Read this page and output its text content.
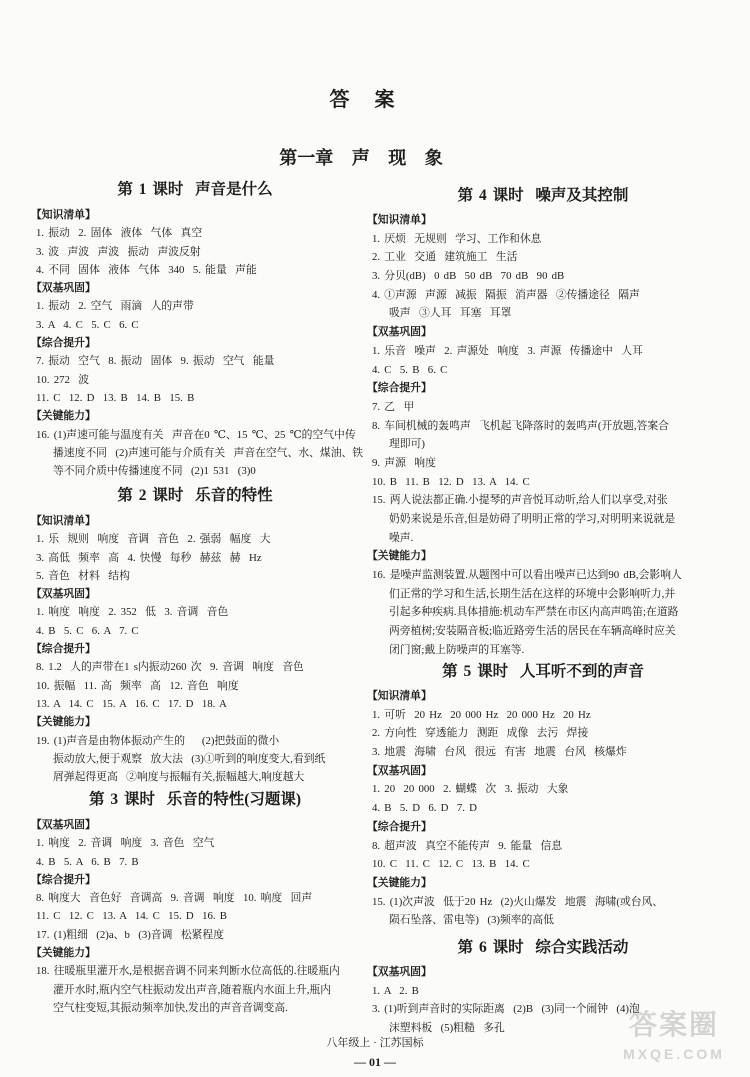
答 案
第一章 声 现 象
第 1 课时  声音是什么
【知识清单】
1. 振动  2. 固体  液体  气体  真空
3. 波  声波  声波  振动  声波反射
4. 不同  固体  液体  气体  340  5. 能量  声能
【双基巩固】
1. 振动  2. 空气  雨滴  人的声带
3. A  4. C  5. C  6. C
【综合提升】
7. 振动  空气  8. 振动  固体  9. 振动  空气  能量
10. 272  波
11. C  12. D  13. B  14. B  15. B
【关键能力】
16. (1)声速可能与温度有关  声音在0 ℃、15 ℃、25 ℃的空气中传
播速度不同  (2)声速可能与介质有关  声音在空气、水、煤油、铁
等不同介质中传播速度不同  (2)1 531  (3)0
第 2 课时  乐音的特性
【知识清单】
1. 乐  规则  响度  音调  音色  2. 强弱  幅度  大
3. 高低  频率  高  4. 快慢  每秒  赫兹  赫  Hz
5. 音色  材料  结构
【双基巩固】
1. 响度  响度  2. 352  低  3. 音调  音色
4. B  5. C  6. A  7. C
【综合提升】
8. 1.2  人的声带在1 s内振动260 次  9. 音调  响度  音色
10. 振幅  11. 高  频率  高  12. 音色  响度
13. A  14. C  15. A  16. C  17. D  18. A
【关键能力】
19. (1)声音是由物体振动产生的    (2)把鼓面的微小
振动放大,便于观察  放大法  (3)①听到的响度变大,看到纸
屑弹起得更高  ②响度与振幅有关,振幅越大,响度越大
第 3 课时  乐音的特性(习题课)
【双基巩固】
1. 响度  2. 音调  响度  3. 音色  空气
4. B  5. A  6. B  7. B
【综合提升】
8. 响度大  音色好  音调高  9. 音调  响度  10. 响度  回声
11. C  12. C  13. A  14. C  15. D  16. B
17. (1)粗细  (2)a、b  (3)音调  松紧程度
【关键能力】
18. 往暖瓶里灌开水,是根据音调不同来判断水位高低的.往暖瓶内
灌开水时,瓶内空气柱振动发出声音,随着瓶内水面上升,瓶内
空气柱变短,其振动频率加快,发出的声音音调变高.
第 4 课时  噪声及其控制
【知识清单】
1. 厌烦  无规则  学习、工作和休息
2. 工业  交通  建筑施工  生活
3. 分贝(dB)  0 dB  50 dB  70 dB  90 dB
4. ①声源  声源  减振  隔振  消声器  ②传播途径  隔声
吸声  ③人耳  耳塞  耳罩
【双基巩固】
1. 乐音  噪声  2. 声源处  响度  3. 声源  传播途中  人耳
4. C  5. B  6. C
【综合提升】
7. 乙  甲
8. 车间机械的轰鸣声  飞机起飞降落时的轰鸣声(开放题,答案合
理即可)
9. 声源  响度
10. B  11. B  12. D  13. A  14. C
15. 两人说法都正确.小提琴的声音悦耳动听,给人们以享受,对张
奶奶来说是乐音,但是妨碍了明明正常的学习,对明明来说就是
噪声.
【关键能力】
16. 是噪声监测装置.从题图中可以看出噪声已达到90 dB,会影响人
们正常的学习和生活,长期生活在这样的环境中会影响听力,并
引起多种疾病.具体措施:机动车严禁在市区内高声鸣笛;在道路
两旁植树;安装隔音板;临近路旁生活的居民在车辆高峰时应关
闭门窗;戴上防噪声的耳塞等.
第 5 课时  人耳听不到的声音
【知识清单】
1. 可听  20 Hz  20 000 Hz  20 000 Hz  20 Hz
2. 方向性  穿透能力  测距  成像  去污  焊接
3. 地震  海啸  台风  很远  有害  地震  台风  核爆炸
【双基巩固】
1. 20  20 000  2. 蝴蝶  次  3. 振动  大象
4. B  5. D  6. D  7. D
【综合提升】
8. 超声波  真空不能传声  9. 能量  信息
10. C  11. C  12. C  13. B  14. C
【关键能力】
15. (1)次声波  低于20 Hz  (2)火山爆发  地震  海啸(或台风、
陨石坠落、雷电等)  (3)频率的高低
第 6 课时  综合实践活动
【双基巩固】
1. A  2. B
3. (1)听到声音时的实际距离  (2)B  (3)同一个闹钟  (4)泡
沫塑料板  (5)粗糙  多孔
八年级上 · 江苏国标
— 01 —
答案圈
MXQE.COM
